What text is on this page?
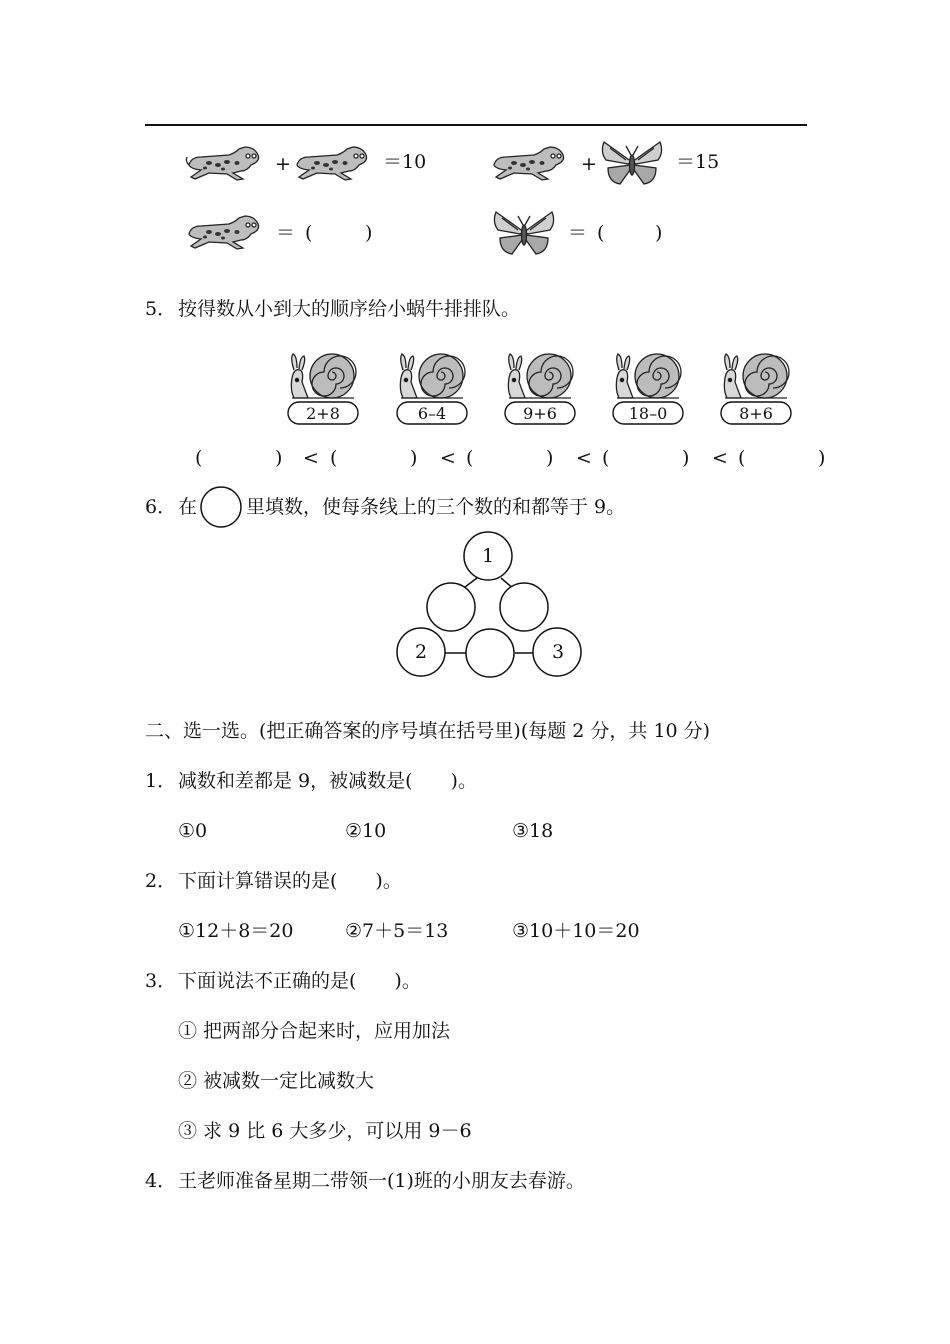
+	＝10	+	＝15
＝ (	)	＝ (	)
5． 按得数从小到大的顺序给小蜗牛排排队。
2+8	6–4	9+6	18–0	8+6
(	) < (	) < (	) < (	) < (	)
6． 在	里填数，使每条线上的三个数的和都等于 9。
1
2	3
二、选一选。(把正确答案的序号填在括号里)(每题 2 分，共 10 分)
1． 减数和差都是 9，被减数是(　　)。
①0	②10	③18
2． 下面计算错误的是(　　)。
①12＋8＝20	②7＋5＝13	③10＋10＝20
3． 下面说法不正确的是(　　)。
① 把两部分合起来时，应用加法
② 被减数一定比减数大
③ 求 9 比 6 大多少，可以用 9－6
4． 王老师准备星期二带领一(1)班的小朋友去春游。
